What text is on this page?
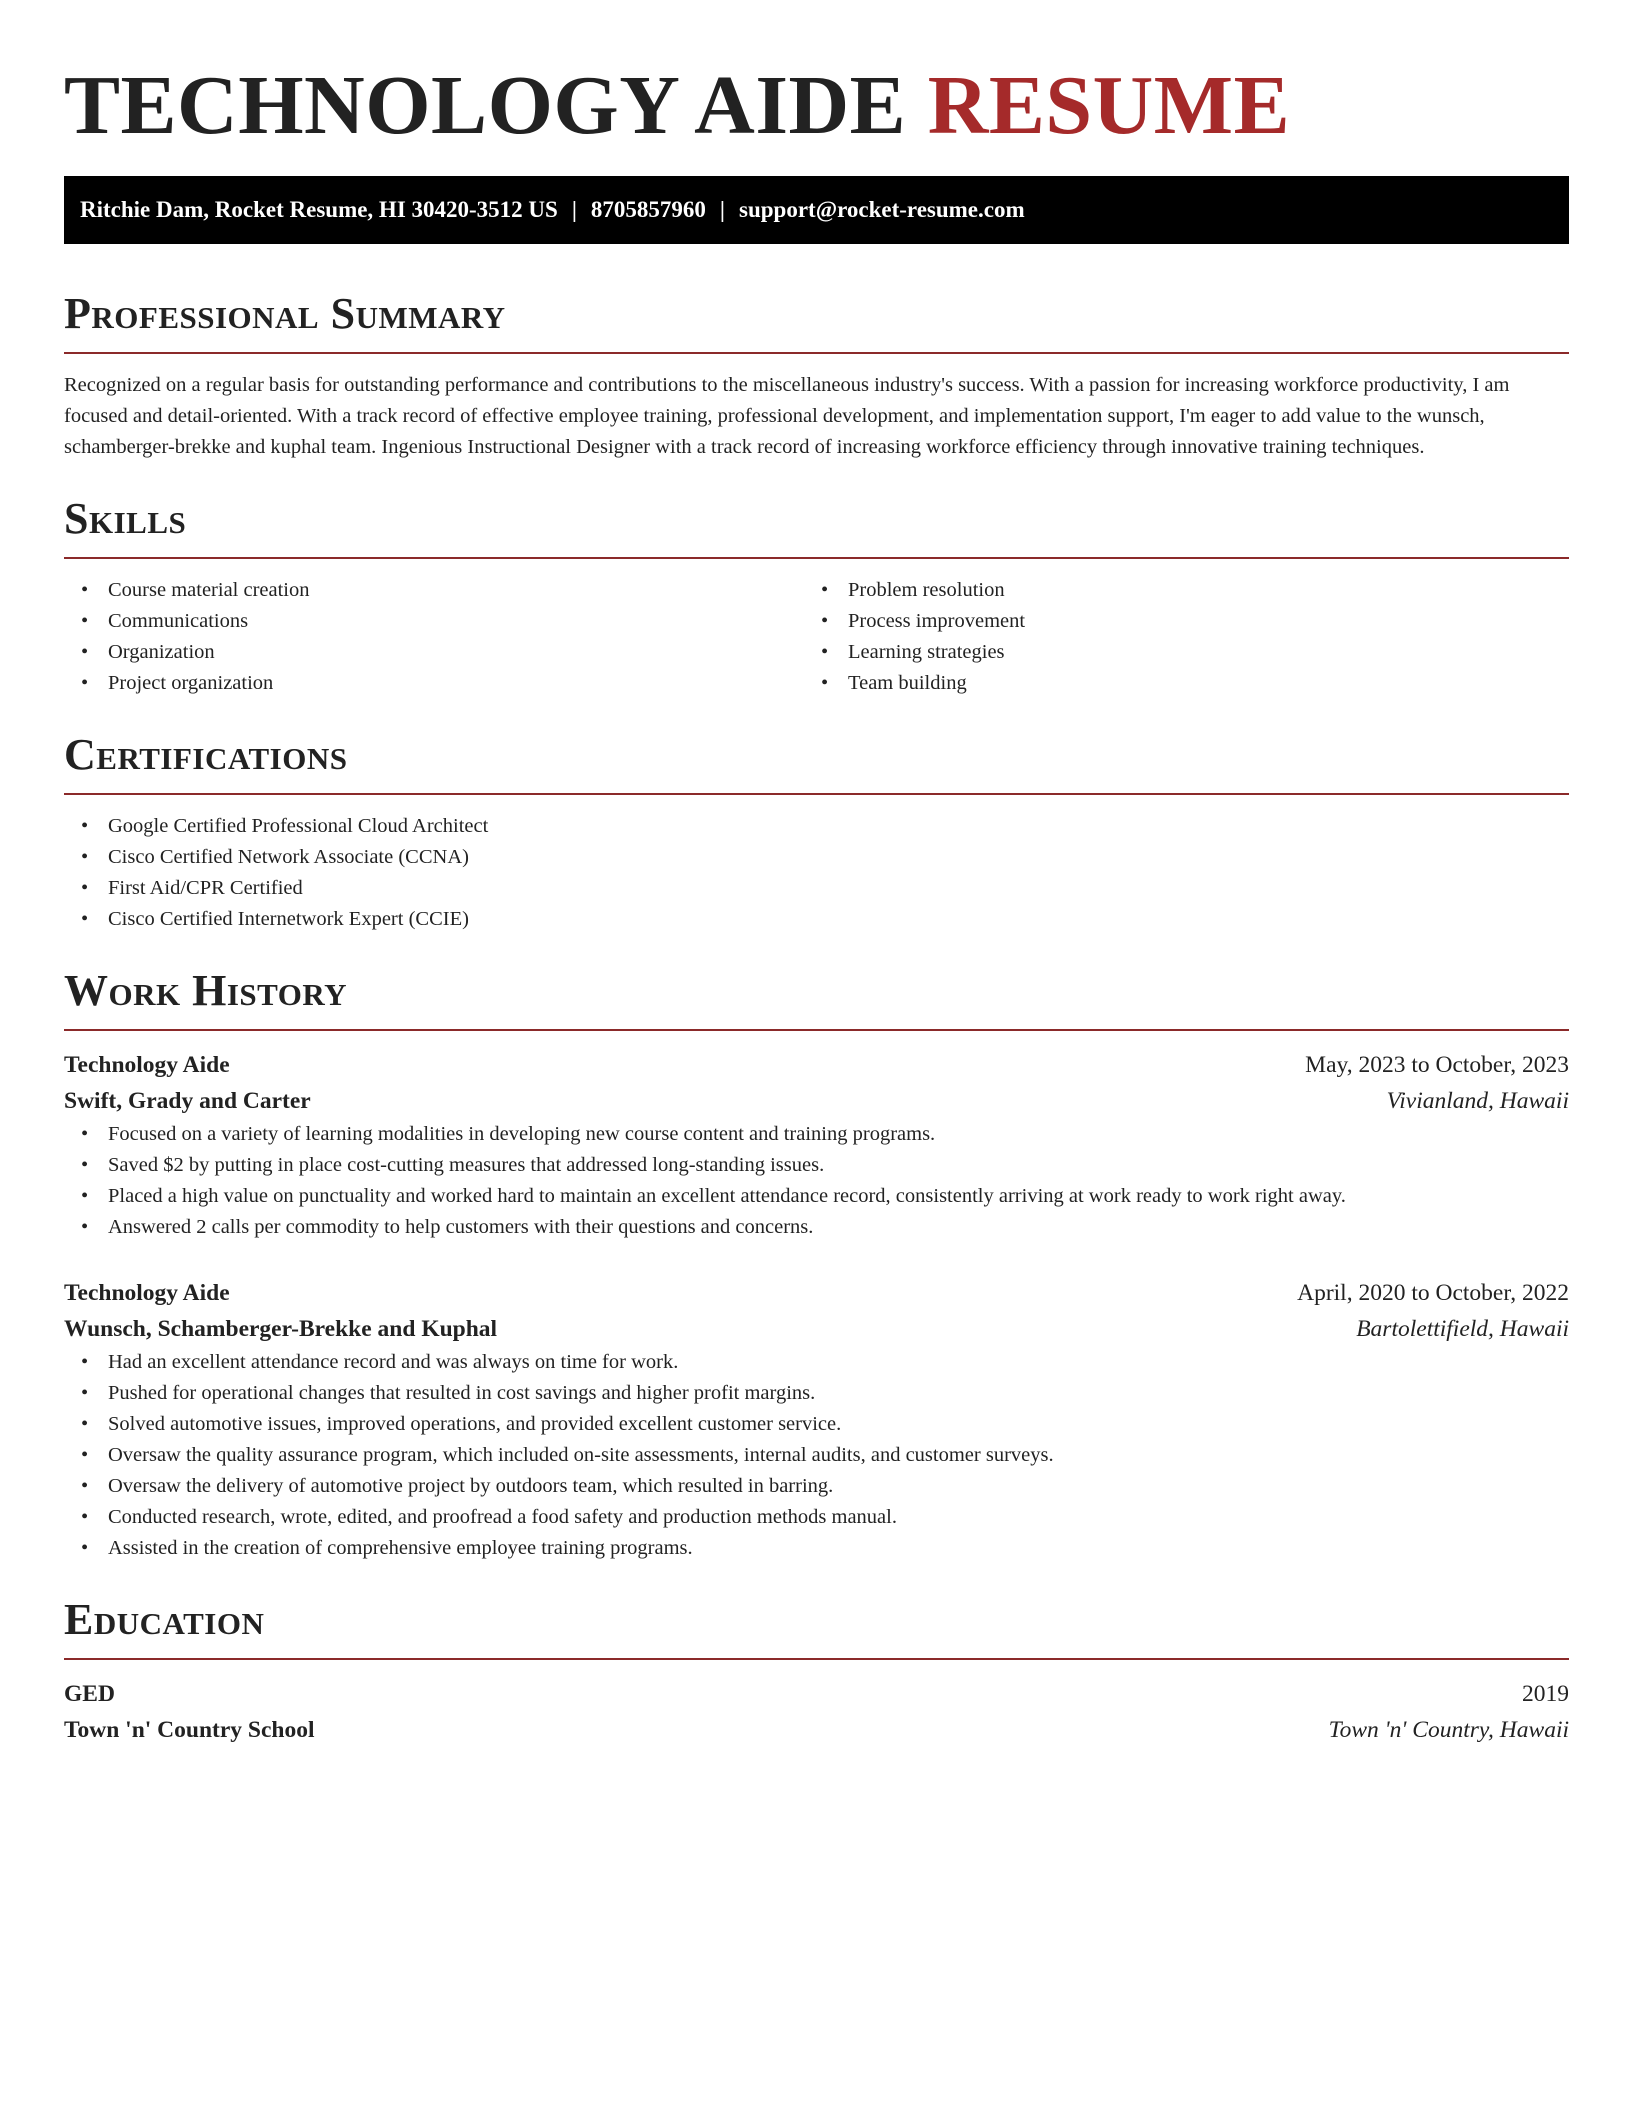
TECHNOLOGY AIDE RESUME
Ritchie Dam, Rocket Resume, HI 30420-3512 US | 8705857960 | support@rocket-resume.com
Professional Summary

Recognized on a regular basis for outstanding performance and contributions to the miscellaneous industry's success. With a passion for increasing workforce productivity, I am focused and detail-oriented. With a track record of effective employee training, professional development, and implementation support, I'm eager to add value to the wunsch, schamberger-brekke and kuphal team. Ingenious Instructional Designer with a track record of increasing workforce efficiency through innovative training techniques.

Skills
• Course material creation
• Communications
• Organization
• Project organization
• Problem resolution
• Process improvement
• Learning strategies
• Team building
Certifications
• Google Certified Professional Cloud Architect
• Cisco Certified Network Associate (CCNA)
• First Aid/CPR Certified
• Cisco Certified Internetwork Expert (CCIE)
Work History
Technology Aide	May, 2023 to October, 2023
Swift, Grady and Carter	Vivianland, Hawaii
• Focused on a variety of learning modalities in developing new course content and training programs.
• Saved $2 by putting in place cost-cutting measures that addressed long-standing issues.
• Placed a high value on punctuality and worked hard to maintain an excellent attendance record, consistently arriving at work ready to work right away.
• Answered 2 calls per commodity to help customers with their questions and concerns.
Technology Aide	April, 2020 to October, 2022
Wunsch, Schamberger-Brekke and Kuphal	Bartolettifield, Hawaii
• Had an excellent attendance record and was always on time for work.
• Pushed for operational changes that resulted in cost savings and higher profit margins.
• Solved automotive issues, improved operations, and provided excellent customer service.
• Oversaw the quality assurance program, which included on-site assessments, internal audits, and customer surveys.
• Oversaw the delivery of automotive project by outdoors team, which resulted in barring.
• Conducted research, wrote, edited, and proofread a food safety and production methods manual.
• Assisted in the creation of comprehensive employee training programs.
Education
GED	2019
Town 'n' Country School	Town 'n' Country, Hawaii
